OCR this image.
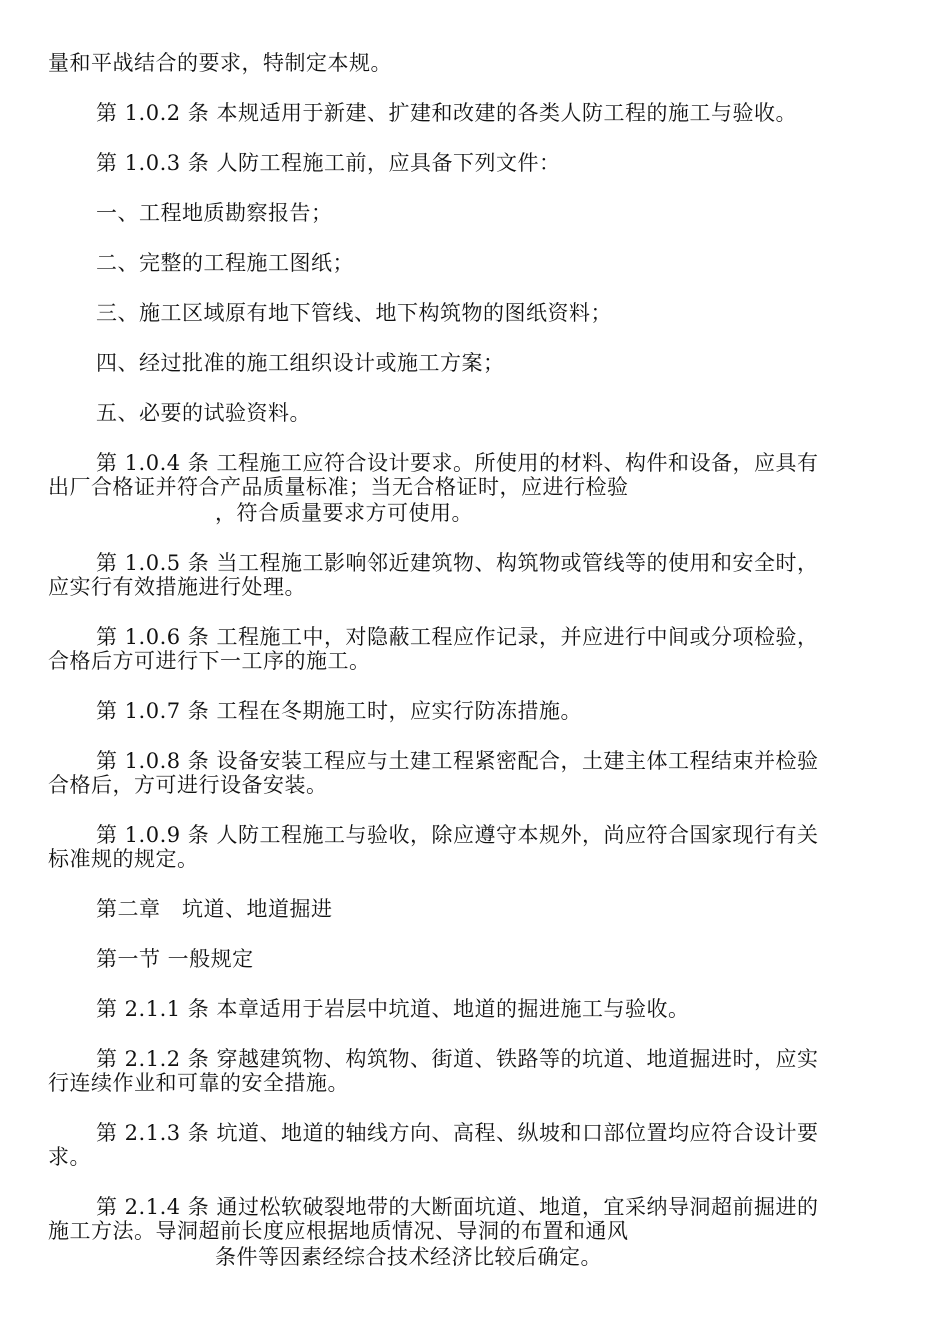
量和平战结合的要求，特制定本规。
第 1.0.2 条 本规适用于新建、扩建和改建的各类人防工程的施工与验收。
第 1.0.3 条 人防工程施工前，应具备下列文件：
一、工程地质勘察报告；
二、完整的工程施工图纸；
三、施工区域原有地下管线、地下构筑物的图纸资料；
四、经过批准的施工组织设计或施工方案；
五、必要的试验资料。
第 1.0.4 条 工程施工应符合设计要求。所使用的材料、构件和设备，应具有
出厂合格证并符合产品质量标准；当无合格证时，应进行检验
，符合质量要求方可使用。
第 1.0.5 条 当工程施工影响邻近建筑物、构筑物或管线等的使用和安全时，
应实行有效措施进行处理。
第 1.0.6 条 工程施工中，对隐蔽工程应作记录，并应进行中间或分项检验，
合格后方可进行下一工序的施工。
第 1.0.7 条 工程在冬期施工时，应实行防冻措施。
第 1.0.8 条 设备安装工程应与土建工程紧密配合，土建主体工程结束并检验
合格后，方可进行设备安装。
第 1.0.9 条 人防工程施工与验收，除应遵守本规外，尚应符合国家现行有关
标准规的规定。
第二章　坑道、地道掘进
第一节 一般规定
第 2.1.1 条 本章适用于岩层中坑道、地道的掘进施工与验收。
第 2.1.2 条 穿越建筑物、构筑物、街道、铁路等的坑道、地道掘进时，应实
行连续作业和可靠的安全措施。
第 2.1.3 条 坑道、地道的轴线方向、高程、纵坡和口部位置均应符合设计要
求。
第 2.1.4 条 通过松软破裂地带的大断面坑道、地道，宜采纳导洞超前掘进的
施工方法。导洞超前长度应根据地质情况、导洞的布置和通风
条件等因素经综合技术经济比较后确定。
